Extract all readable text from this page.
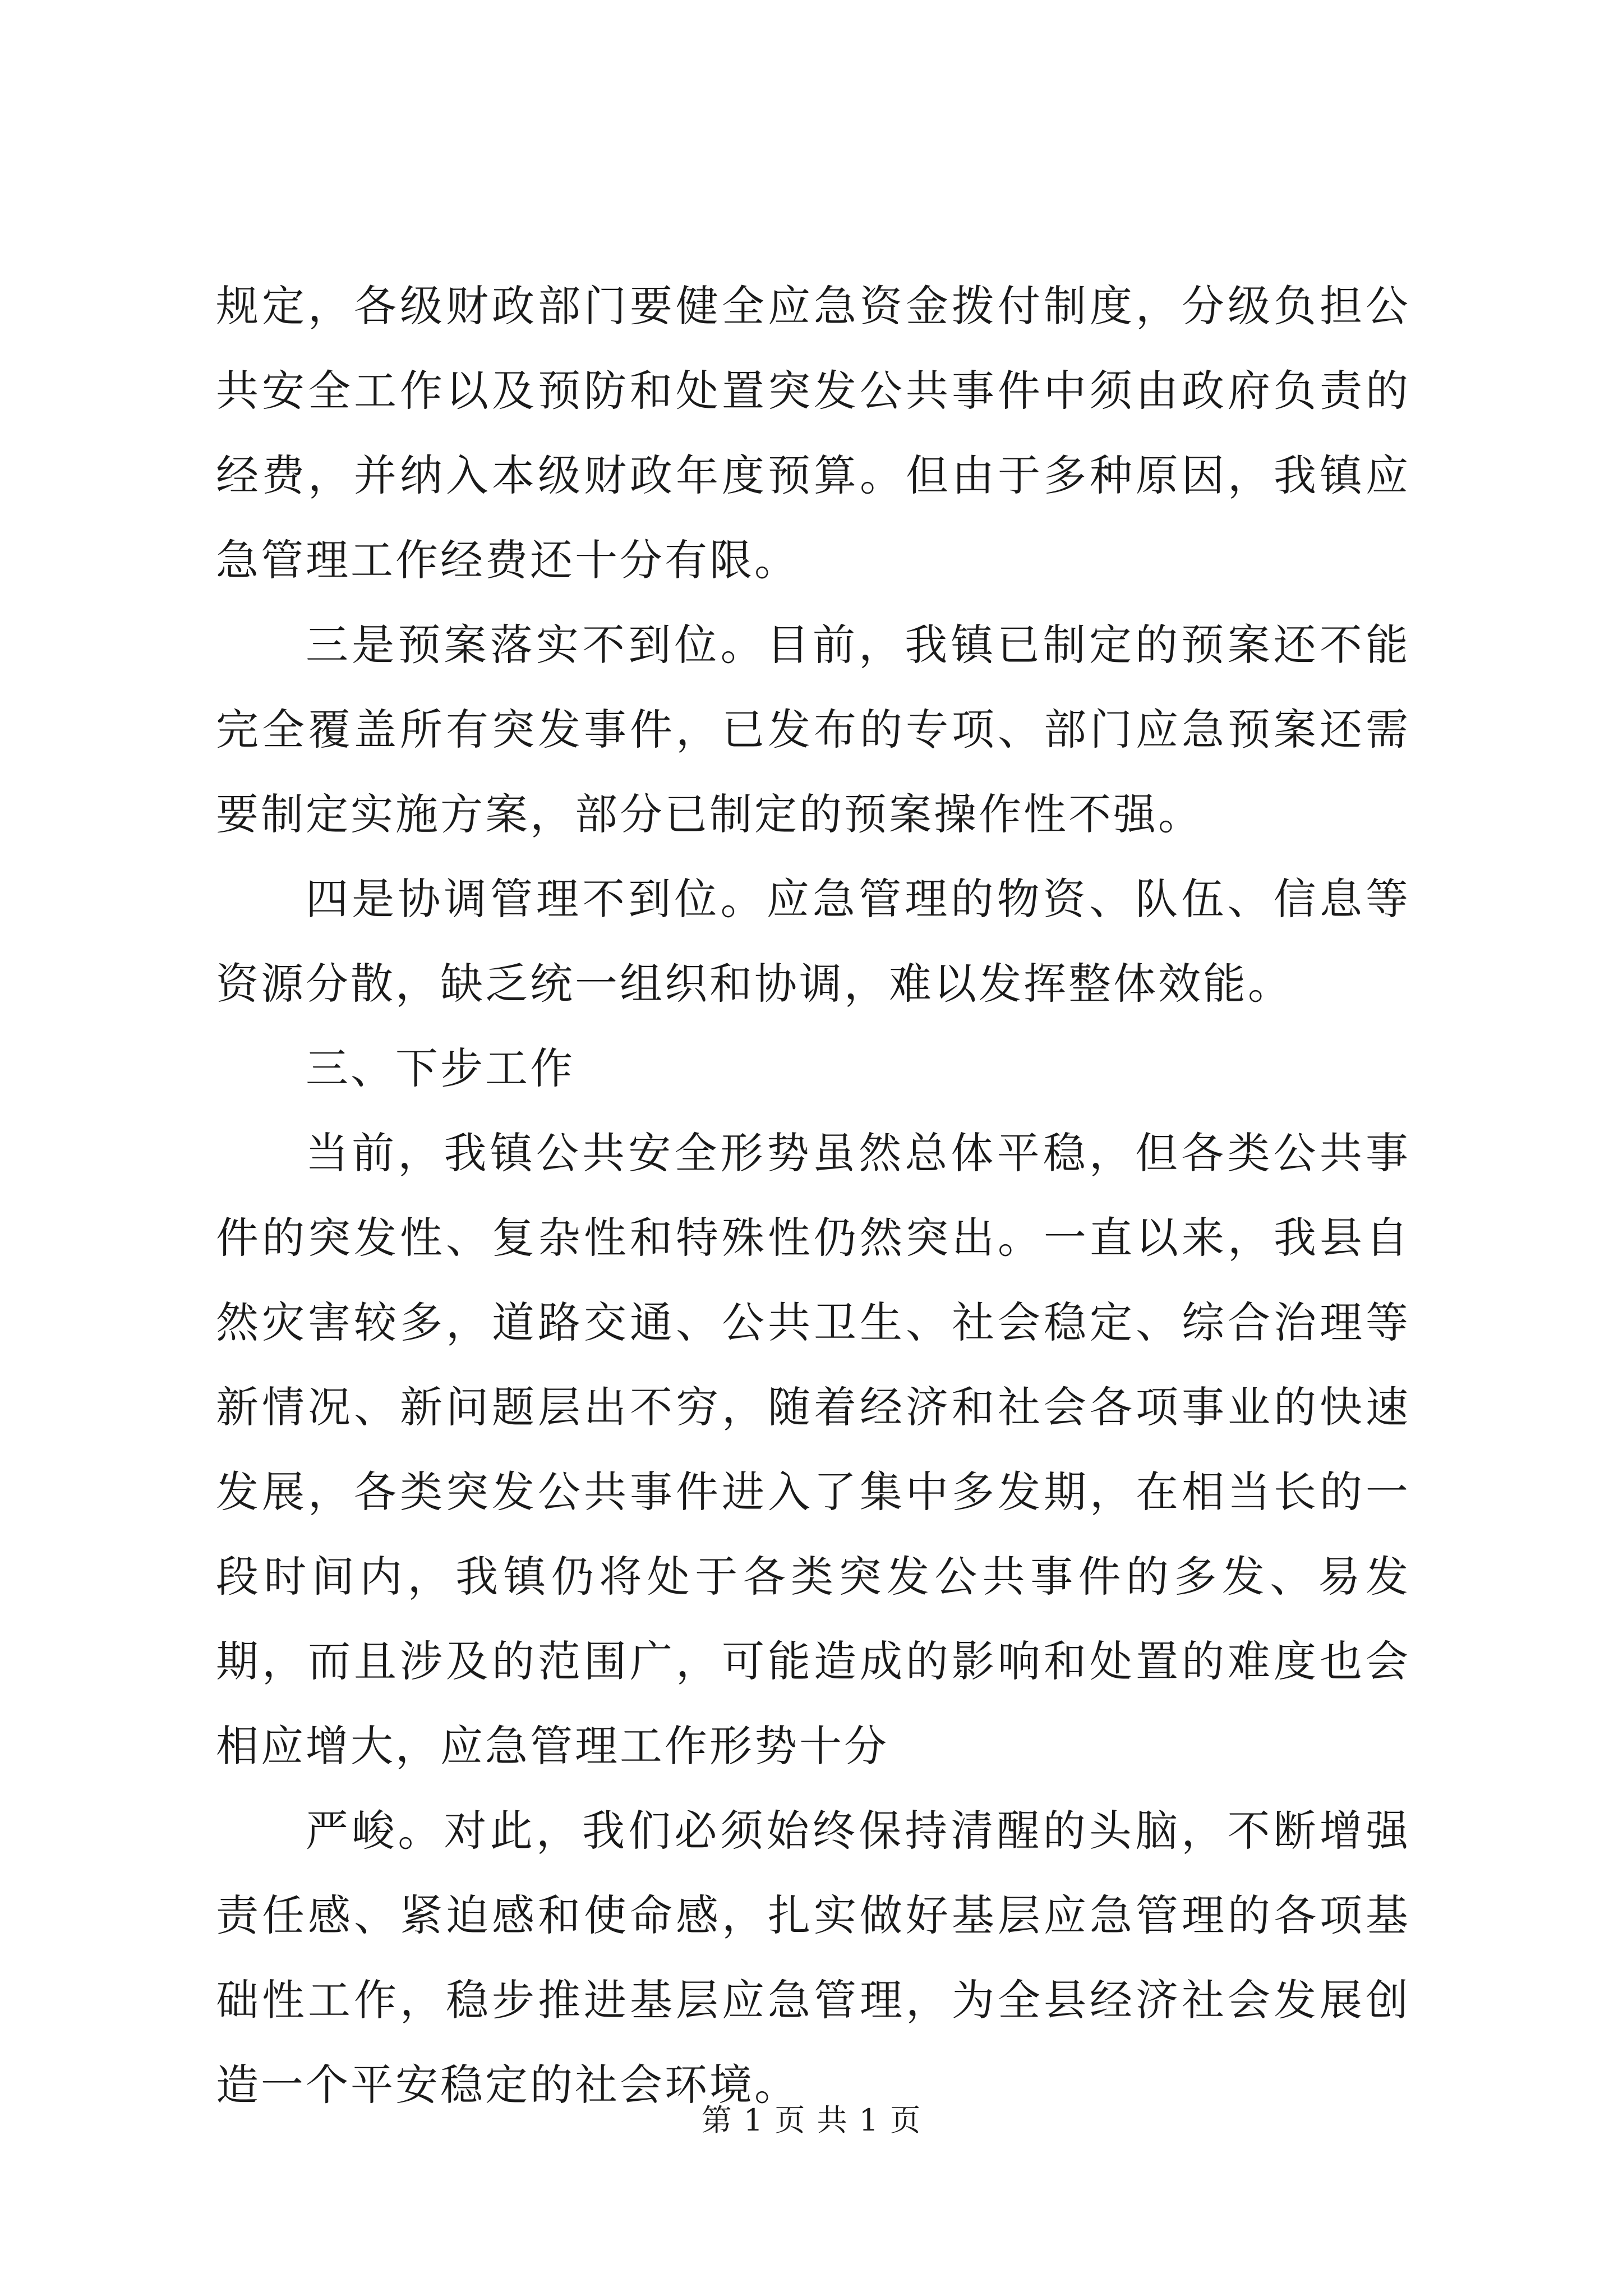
规定，各级财政部门要健全应急资金拨付制度，分级负担公共安全工作以及预防和处置突发公共事件中须由政府负责的经费，并纳入本级财政年度预算。但由于多种原因，我镇应急管理工作经费还十分有限。

三是预案落实不到位。目前，我镇已制定的预案还不能完全覆盖所有突发事件，已发布的专项、部门应急预案还需要制定实施方案，部分已制定的预案操作性不强。

四是协调管理不到位。应急管理的物资、队伍、信息等资源分散，缺乏统一组织和协调，难以发挥整体效能。

三、下步工作

当前，我镇公共安全形势虽然总体平稳，但各类公共事件的突发性、复杂性和特殊性仍然突出。一直以来，我县自然灾害较多，道路交通、公共卫生、社会稳定、综合治理等新情况、新问题层出不穷，随着经济和社会各项事业的快速发展，各类突发公共事件进入了集中多发期，在相当长的一段时间内，我镇仍将处于各类突发公共事件的多发、易发期，而且涉及的范围广，可能造成的影响和处置的难度也会相应增大，应急管理工作形势十分

严峻。对此，我们必须始终保持清醒的头脑，不断增强责任感、紧迫感和使命感，扎实做好基层应急管理的各项基础性工作，稳步推进基层应急管理，为全县经济社会发展创造一个平安稳定的社会环境。

第 1 页 共 1 页
